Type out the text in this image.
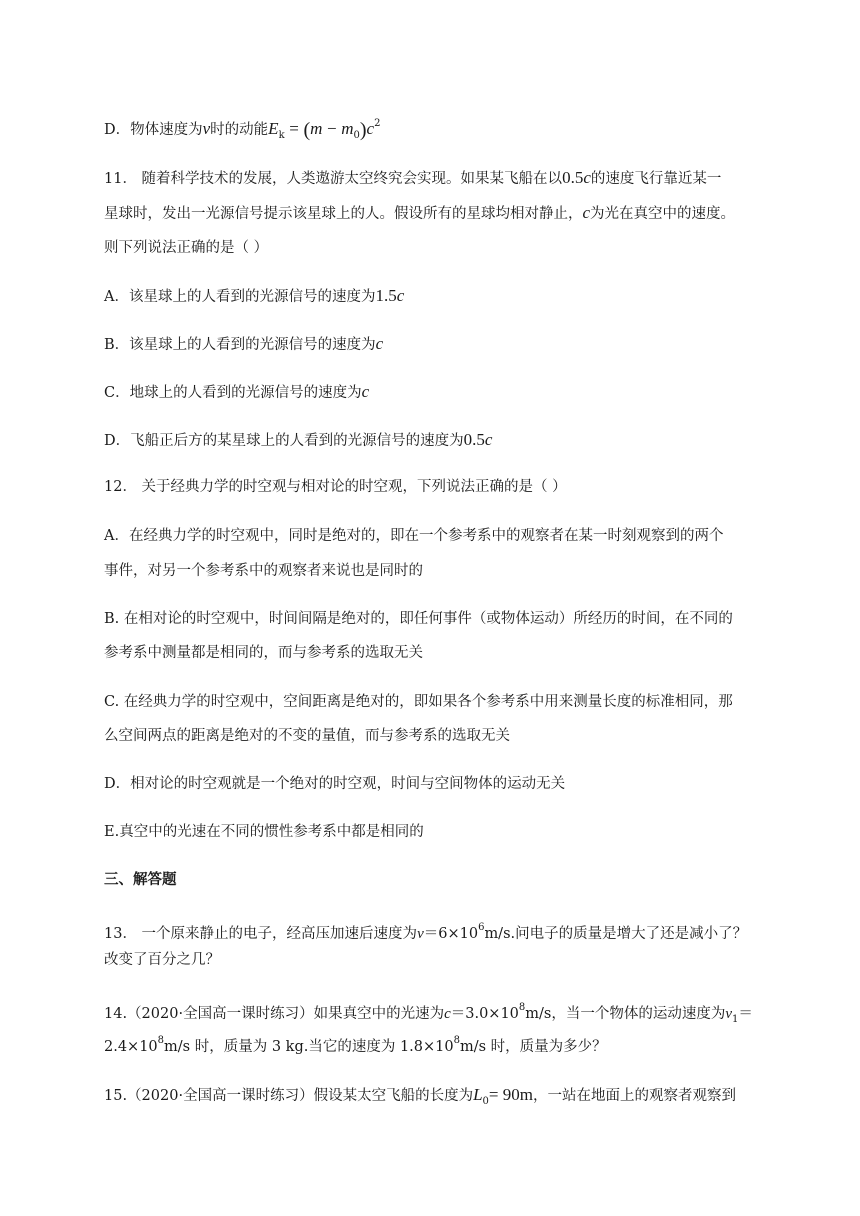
D．物体速度为v时的动能$E_k = (m - m_0)c^2$
11． 随着科学技术的发展，人类遨游太空终究会实现。如果某飞船在以0.5c的速度飞行靠近某一
星球时，发出一光源信号提示该星球上的人。假设所有的星球均相对静止，c为光在真空中的速度。
则下列说法正确的是（ ）
A．该星球上的人看到的光源信号的速度为1.5c
B．该星球上的人看到的光源信号的速度为c
C．地球上的人看到的光源信号的速度为c
D．飞船正后方的某星球上的人看到的光源信号的速度为0.5c
12． 关于经典力学的时空观与相对论的时空观，下列说法正确的是（ ）
A．在经典力学的时空观中，同时是绝对的，即在一个参考系中的观察者在某一时刻观察到的两个
事件，对另一个参考系中的观察者来说也是同时的
B. 在相对论的时空观中，时间间隔是绝对的，即任何事件（或物体运动）所经历的时间，在不同的
参考系中测量都是相同的，而与参考系的选取无关
C. 在经典力学的时空观中，空间距离是绝对的，即如果各个参考系中用来测量长度的标准相同，那
么空间两点的距离是绝对的不变的量值，而与参考系的选取无关
D．相对论的时空观就是一个绝对的时空观，时间与空间物体的运动无关
E.真空中的光速在不同的惯性参考系中都是相同的
三、解答题
13． 一个原来静止的电子，经高压加速后速度为$v=6\times 10^6m/s$.问电子的质量是增大了还是减小了？
改变了百分之几？
14.（2020·全国高一课时练习）如果真空中的光速为$c=3.0\times 10^8m/s$，当一个物体的运动速度为$v_1=$
$2.4\times 10^8m/s$ 时，质量为 3 kg.当它的速度为 $1.8\times 10^8m/s$ 时，质量为多少？
15.（2020·全国高一课时练习）假设某太空飞船的长度为$L_0= 90m$，一站在地面上的观察者观察到
